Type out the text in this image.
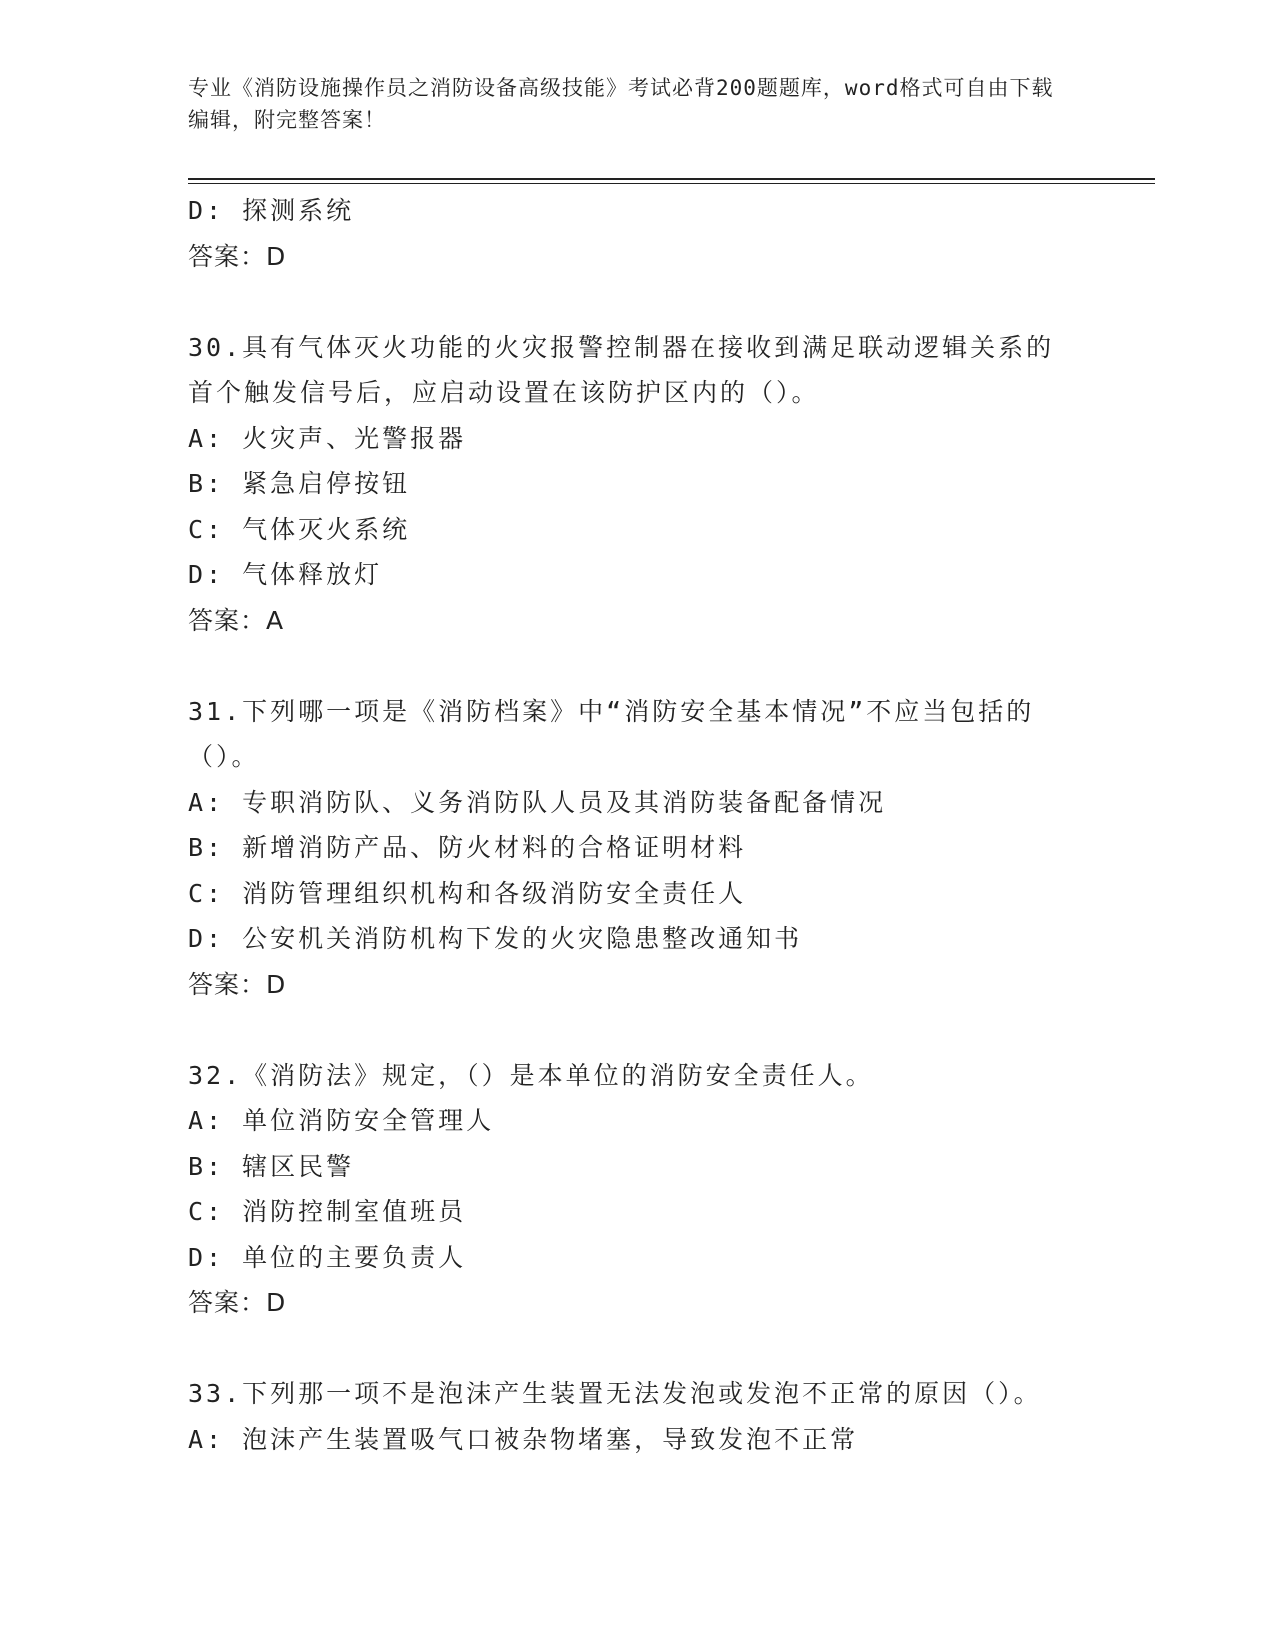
专业《消防设施操作员之消防设备高级技能》考试必背200题题库，word格式可自由下载编辑，附完整答案！
D: 探测系统
答案：D
30.具有气体灭火功能的火灾报警控制器在接收到满足联动逻辑关系的
首个触发信号后，应启动设置在该防护区内的（）。
A: 火灾声、光警报器
B: 紧急启停按钮
C: 气体灭火系统
D: 气体释放灯
答案：A
31.下列哪一项是《消防档案》中“消防安全基本情况”不应当包括的
（）。
A: 专职消防队、义务消防队人员及其消防装备配备情况
B: 新增消防产品、防火材料的合格证明材料
C: 消防管理组织机构和各级消防安全责任人
D: 公安机关消防机构下发的火灾隐患整改通知书
答案：D
32.《消防法》规定，（）是本单位的消防安全责任人。
A: 单位消防安全管理人
B: 辖区民警
C: 消防控制室值班员
D: 单位的主要负责人
答案：D
33.下列那一项不是泡沫产生装置无法发泡或发泡不正常的原因（）。
A: 泡沫产生装置吸气口被杂物堵塞，导致发泡不正常
